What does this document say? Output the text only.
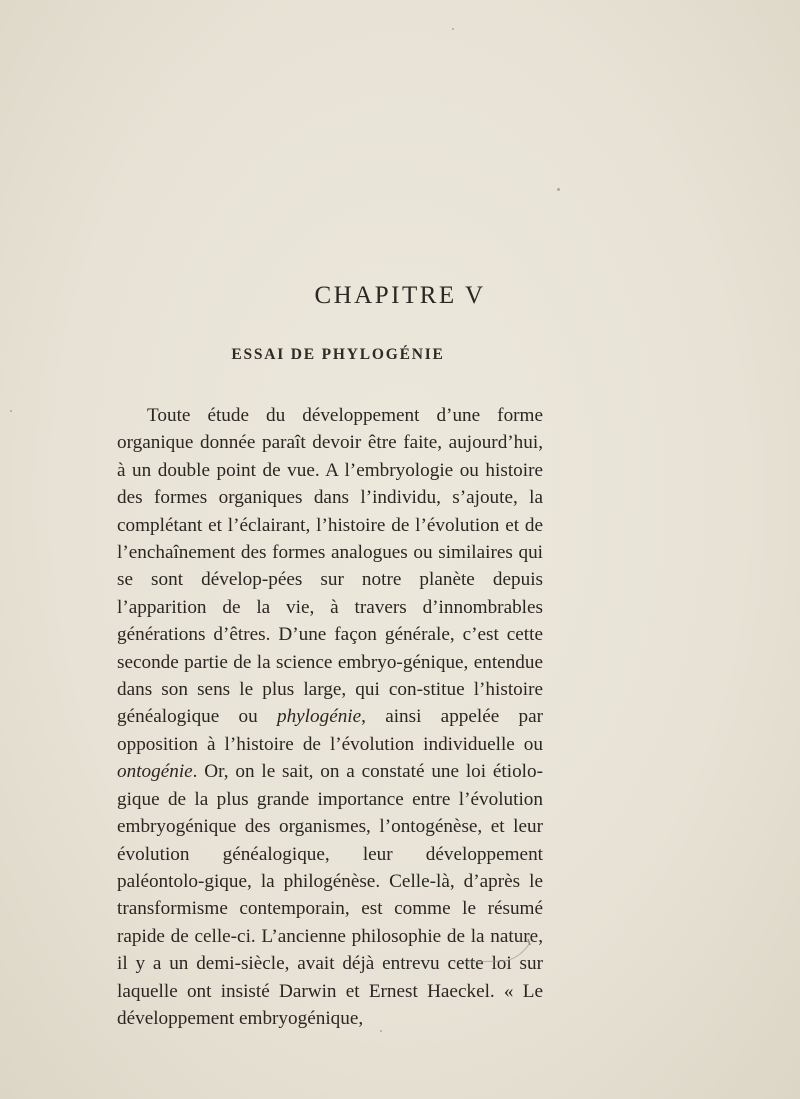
CHAPITRE V
ESSAI DE PHYLOGÉNIE

Toute étude du développement d’une forme organique donnée paraît devoir être faite, aujourd’hui, à un double point de vue. A l’embryologie ou histoire des formes organiques dans l’individu, s’ajoute, la complétant et l’éclairant, l’histoire de l’évolution et de l’enchaînement des formes analogues ou similaires qui se sont dévelop-pées sur notre planète depuis l’apparition de la vie, à travers d’innombrables générations d’êtres. D’une façon générale, c’est cette seconde partie de la science embryo-génique, entendue dans son sens le plus large, qui con-stitue l’histoire généalogique ou phylogénie, ainsi appelée par opposition à l’histoire de l’évolution individuelle ou ontogénie. Or, on le sait, on a constaté une loi étiolo-gique de la plus grande importance entre l’évolution embryogénique des organismes, l’ontogénèse, et leur évolution généalogique, leur développement paléontolo-gique, la philogénèse. Celle-là, d’après le transformisme contemporain, est comme le résumé rapide de celle-ci. L’ancienne philosophie de la nature, il y a un demi-siècle, avait déjà entrevu cette loi sur laquelle ont insisté Darwin et Ernest Haeckel. « Le développement embryogénique,
